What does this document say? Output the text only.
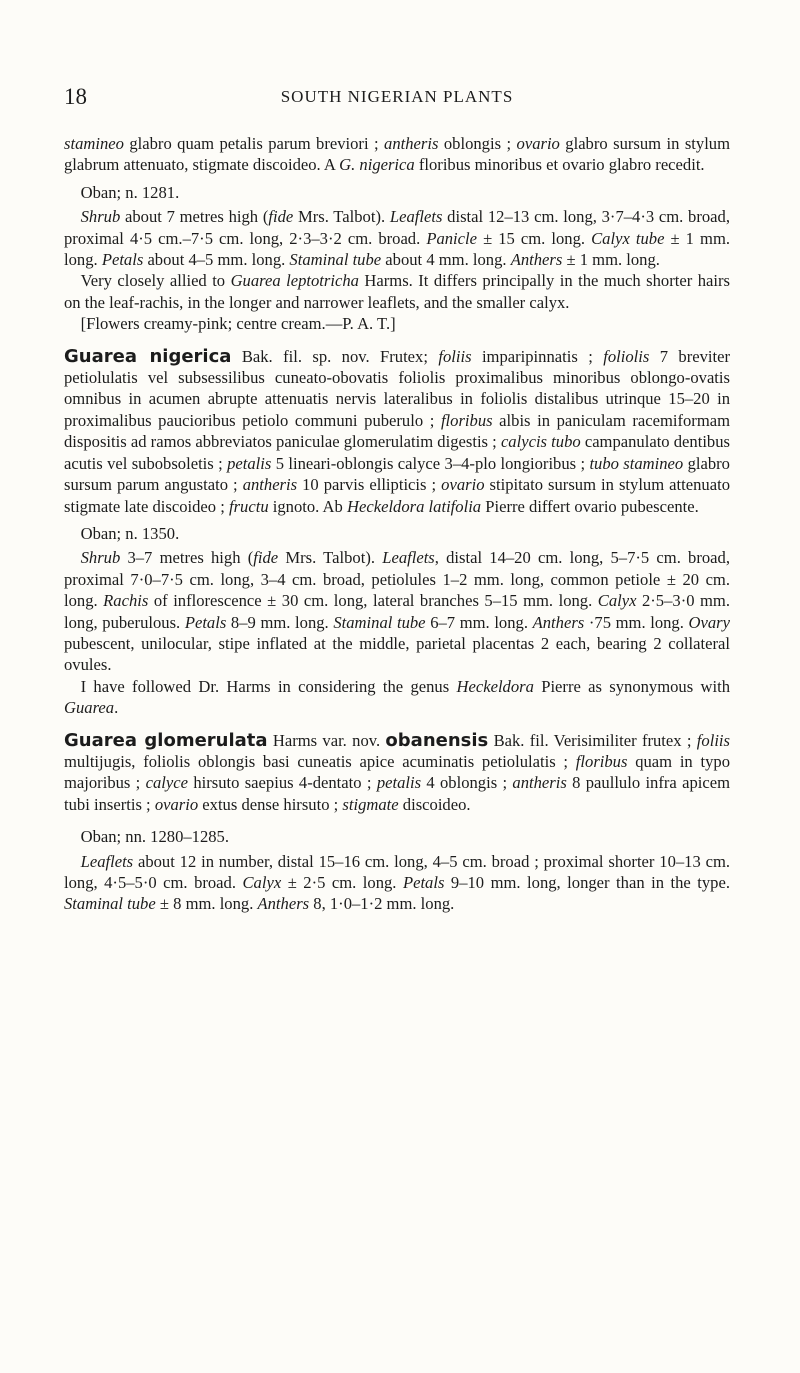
18	SOUTH NIGERIAN PLANTS

stamineo glabro quam petalis parum breviori ; antheris oblongis ; ovario glabro sursum in stylum glabrum attenuato, stigmate discoideo. A G. nigerica floribus minoribus et ovario glabro recedit.

Oban; n. 1281.

Shrub about 7 metres high (fide Mrs. Talbot). Leaflets distal 12–13 cm. long, 3·7–4·3 cm. broad, proximal 4·5 cm.–7·5 cm. long, 2·3–3·2 cm. broad. Panicle ± 15 cm. long. Calyx tube ± 1 mm. long. Petals about 4–5 mm. long. Staminal tube about 4 mm. long. Anthers ± 1 mm. long.

Very closely allied to Guarea leptotricha Harms. It differs principally in the much shorter hairs on the leaf-rachis, in the longer and narrower leaflets, and the smaller calyx.

[Flowers creamy-pink; centre cream.—P. A. T.]

Guarea nigerica Bak. fil. sp. nov. Frutex; foliis imparipinnatis ; foliolis 7 breviter petiolulatis vel subsessilibus cuneato-obovatis foliolis proximalibus minoribus oblongo-ovatis omnibus in acumen abrupte attenuatis nervis lateralibus in foliolis distalibus utrinque 15–20 in proximalibus paucioribus petiolo communi puberulo ; floribus albis in paniculam racemiformam dispositis ad ramos abbreviatos paniculae glomerulatim digestis ; calycis tubo campanulato dentibus acutis vel subobsoletis ; petalis 5 lineari-oblongis calyce 3–4-plo longioribus ; tubo stamineo glabro sursum parum angustato ; antheris 10 parvis ellipticis ; ovario stipitato sursum in stylum attenuato stigmate late discoideo ; fructu ignoto. Ab Heckeldora latifolia Pierre differt ovario pubescente.

Oban; n. 1350.

Shrub 3–7 metres high (fide Mrs. Talbot). Leaflets, distal 14–20 cm. long, 5–7·5 cm. broad, proximal 7·0–7·5 cm. long, 3–4 cm. broad, petiolules 1–2 mm. long, common petiole ± 20 cm. long. Rachis of inflorescence ± 30 cm. long, lateral branches 5–15 mm. long. Calyx 2·5–3·0 mm. long, puberulous. Petals 8–9 mm. long. Staminal tube 6–7 mm. long. Anthers ·75 mm. long. Ovary pubescent, unilocular, stipe inflated at the middle, parietal placentas 2 each, bearing 2 collateral ovules.

I have followed Dr. Harms in considering the genus Heckeldora Pierre as synonymous with Guarea.

Guarea glomerulata Harms var. nov. obanensis Bak. fil. Verisimiliter frutex ; foliis multijugis, foliolis oblongis basi cuneatis apice acuminatis petiolulatis ; floribus quam in typo majoribus ; calyce hirsuto saepius 4-dentato ; petalis 4 oblongis ; antheris 8 paullulo infra apicem tubi insertis ; ovario extus dense hirsuto ; stigmate discoideo.

Oban; nn. 1280–1285.

Leaflets about 12 in number, distal 15–16 cm. long, 4–5 cm. broad ; proximal shorter 10–13 cm. long, 4·5–5·0 cm. broad. Calyx ± 2·5 cm. long. Petals 9–10 mm. long, longer than in the type. Staminal tube ± 8 mm. long. Anthers 8, 1·0–1·2 mm. long.
